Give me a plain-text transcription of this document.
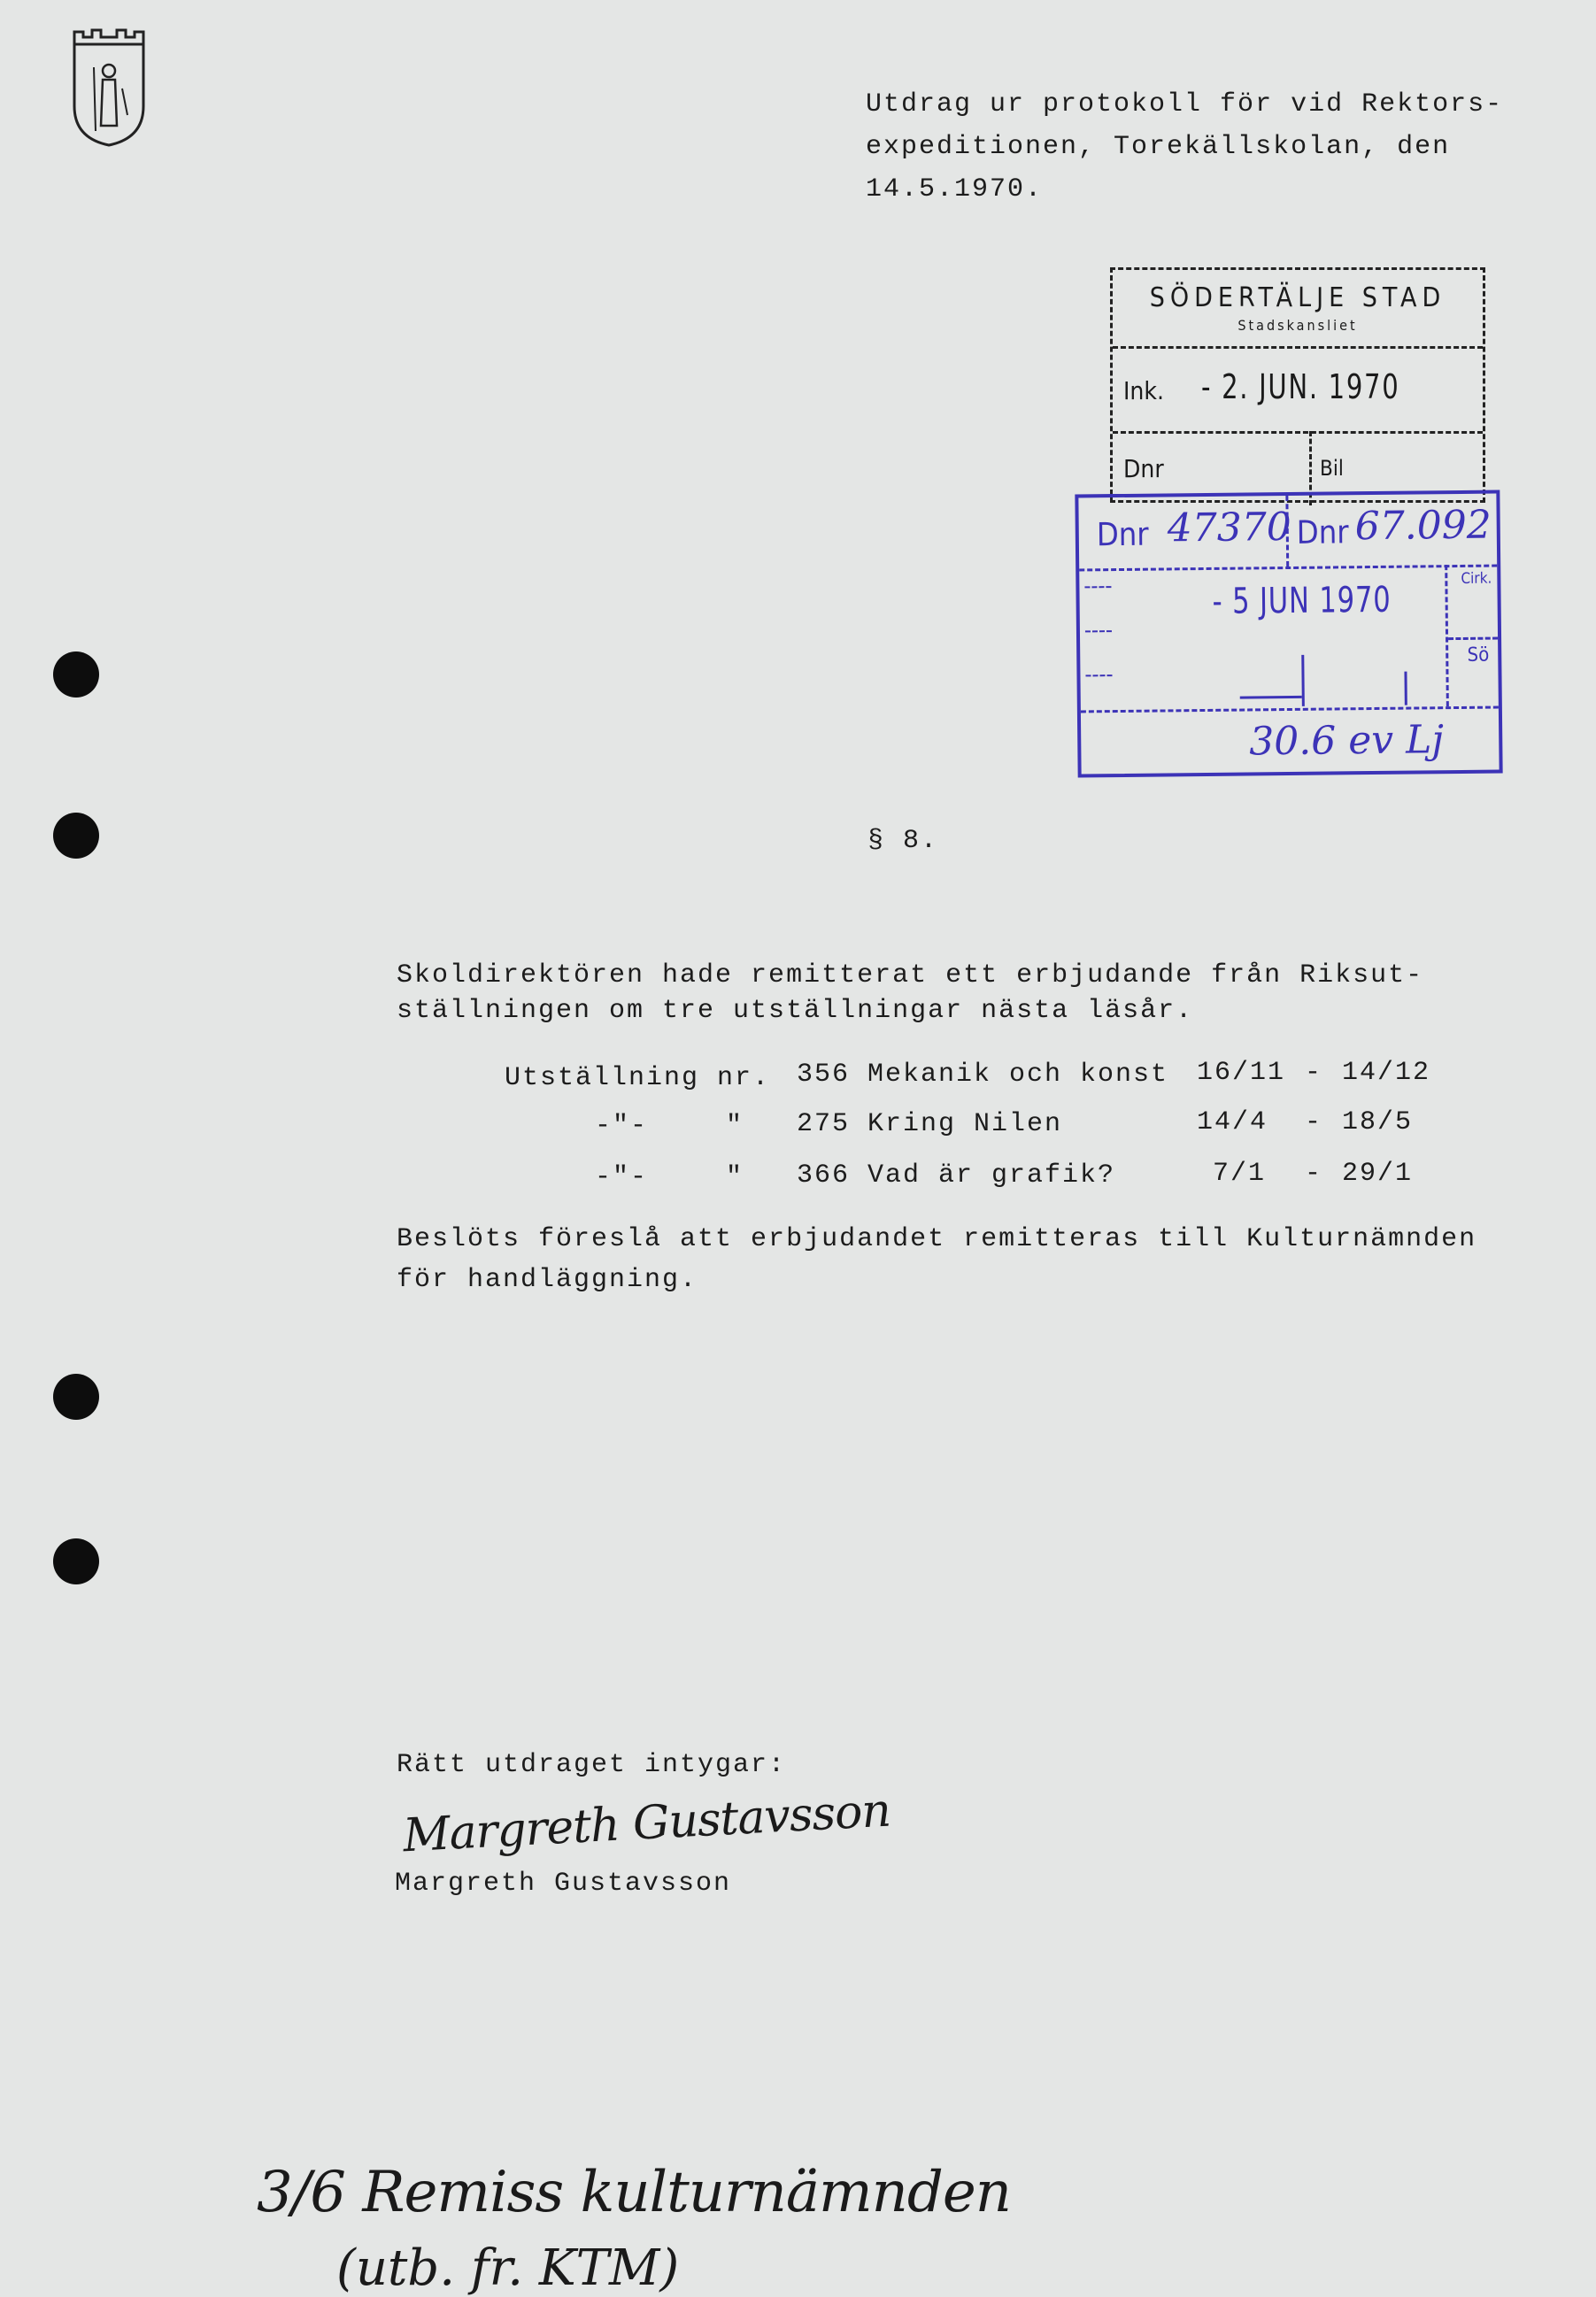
Utdrag ur protokoll för vid Rektors-
expeditionen, Torekällskolan, den
14.5.1970.
SÖDERTÄLJE STAD
Stadskansliet
Ink. - 2. JUN. 1970
Dnr	Bil
Dnr 47370 Dnr 67.092
- 5 JUN 1970
Cirk.
Sö
30.6 ev Lj
§ 8.
Skoldirektören hade remitterat ett erbjudande från Riksut-
ställningen om tre utställningar nästa läsår.
Utställning nr. 356 Mekanik och konst 16/11 - 14/12
-"-	" 275 Kring Nilen	14/4 - 18/5
-"-	" 366 Vad är grafik?	7/1 - 29/1
Beslöts föreslå att erbjudandet remitteras till Kulturnämnden
för handläggning.
Rätt utdraget intygar:
Margreth Gustavsson
Margreth Gustavsson
3/6 Remiss kulturnämnden
(utb. fr. KTM)
